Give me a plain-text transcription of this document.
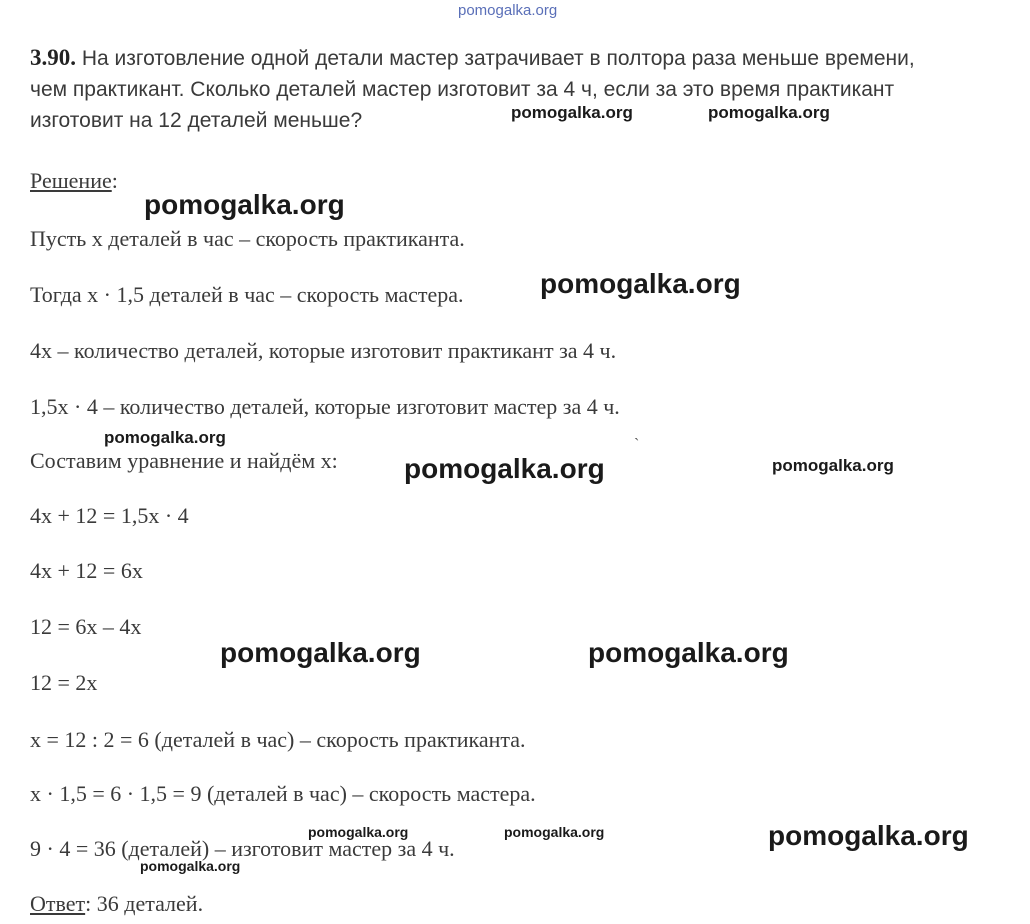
pomogalka.org
3.90. На изготовление одной детали мастер затрачивает в полтора раза меньше времени,
чем практикант. Сколько деталей мастер изготовит за 4 ч, если за это время практикант
изготовит на 12 деталей меньше?
Решение:
Пусть x деталей в час – скорость практиканта.
Тогда x · 1,5 деталей в час – скорость мастера.
4x – количество деталей, которые изготовит практикант за 4 ч.
1,5x · 4 – количество деталей, которые изготовит мастер за 4 ч.
Составим уравнение и найдём x:
4x + 12 = 1,5x · 4
4x + 12 = 6x
12 = 6x – 4x
12 = 2x
x = 12 : 2 = 6 (деталей в час) – скорость практиканта.
x · 1,5 = 6 · 1,5 = 9 (деталей в час) – скорость мастера.
9 · 4 = 36 (деталей) – изготовит мастер за 4 ч.
Ответ: 36 деталей.
ˋ
pomogalka.org	pomogalka.org
pomogalka.org
pomogalka.org
pomogalka.org
pomogalka.org	pomogalka.org
pomogalka.org	pomogalka.org
pomogalka.org	pomogalka.org	pomogalka.org
pomogalka.org
